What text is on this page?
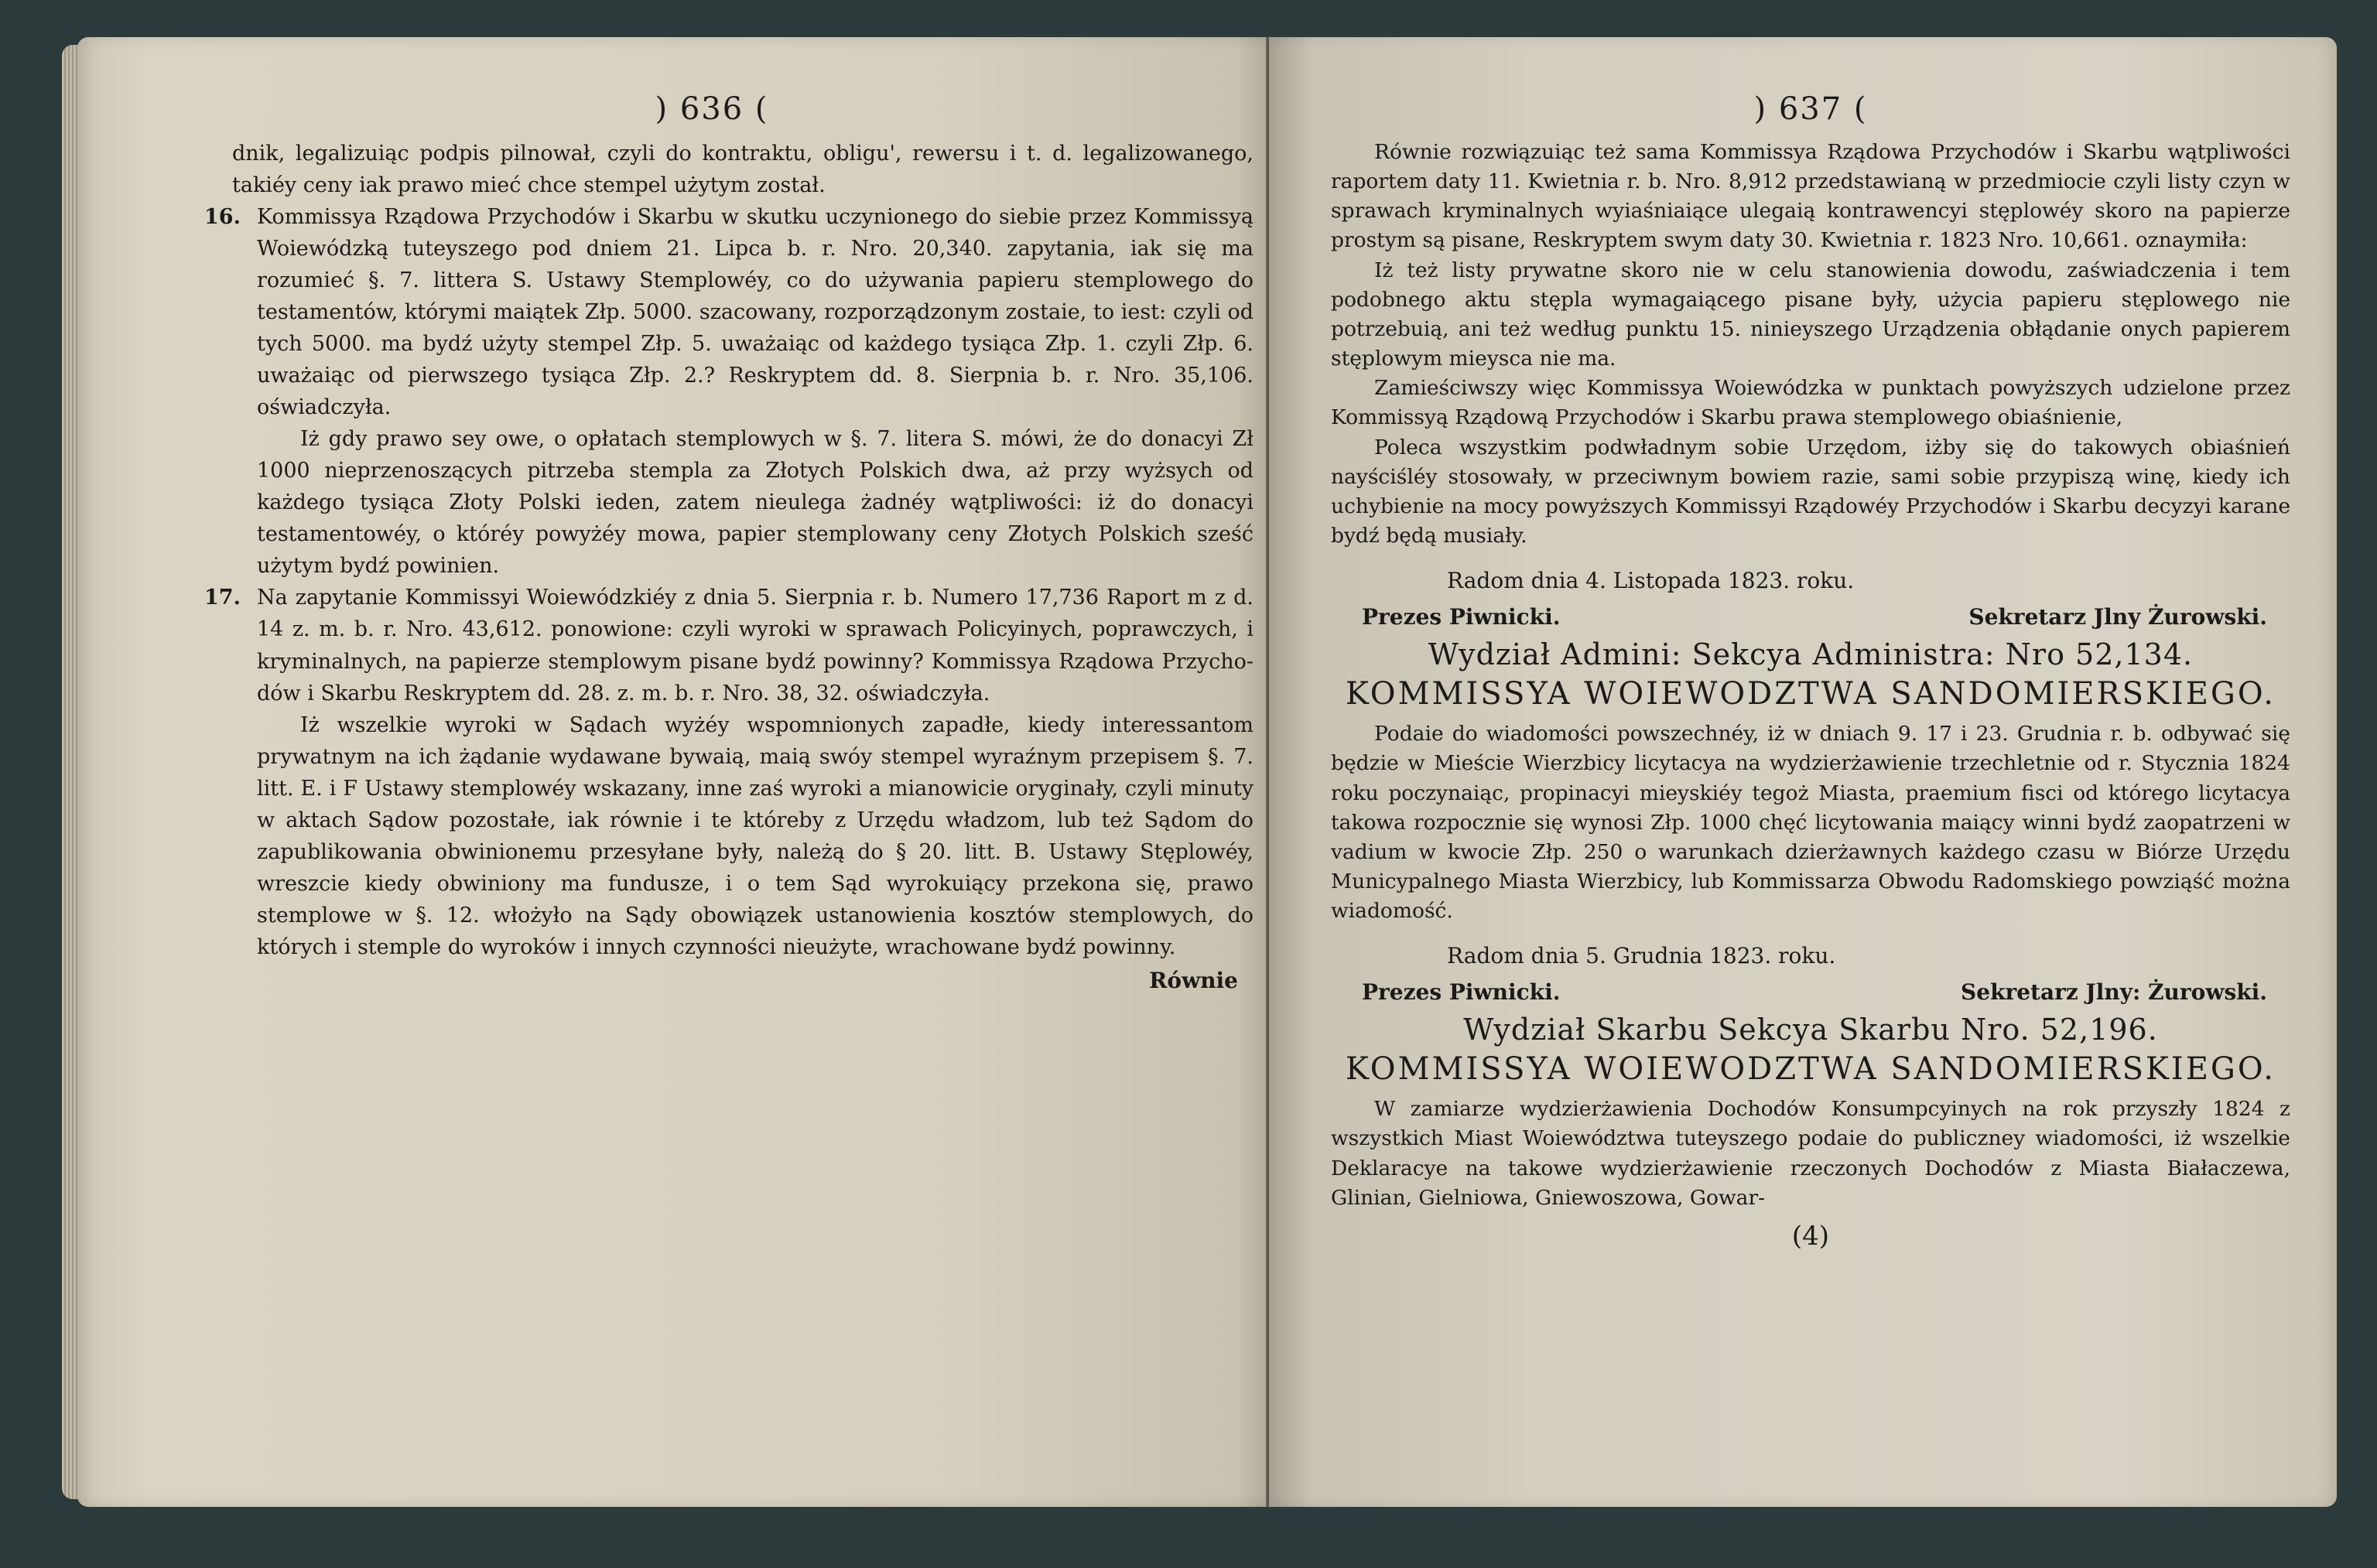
) 636 (

dnik, legalizuiąc podpis pilnował, czyli do kontraktu, obligu', rewersu i t. d. legalizowanego, takiéy ceny iak prawo mieć chce stempel użytym został.

16. Kommissya Rządowa Przychodów i Skarbu w skutku uczynionego do siebie przez Kommissyą Woiewódzką tuteyszego pod dniem 21. Lipca b. r. Nro. 20,340. zapytania, iak się ma rozumieć §. 7. littera S. Ustawy Stemplowéy, co do używania papieru stemplowego do testamentów, którymi maiątek Złp. 5000. szacowany, rozporządzonym zostaie, to iest: czyli od tych 5000. ma bydź użyty stempel Złp. 5. uważaiąc od każdego tysiąca Złp. 1. czyli Złp. 6. uważaiąc od pierwszego tysiąca Złp. 2.? Reskryptem dd. 8. Sierpnia b. r. Nro. 35,106. oświadczyła.

Iż gdy prawo sey owe, o opłatach stemplowych w §. 7. litera S. mówi, że do donacyi Zł 1000 nieprzenoszących pitrzeba stempla za Złotych Polskich dwa, aż przy wyżsych od każdego tysiąca Złoty Polski ieden, zatem nieulega żadnéy wątpliwości: iż do donacyi testamentowéy, o któréy powyżéy mowa, papier stemplowany ceny Złotych Polskich sześć użytym bydź powinien.

17. Na zapytanie Kommissyi Woiewódzkiéy z dnia 5. Sierpnia r. b. Numero 17,736 Raport m z d. 14 z. m. b. r. Nro. 43,612. ponowione: czyli wyroki w sprawach Policyinych, poprawczych, i kryminalnych, na papierze stemplowym pisane bydź powinny? Kommissya Rządowa Przychodów i Skarbu Reskryptem dd. 28. z. m. b. r. Nro. 38, 32. oświadczyła.

Iż wszelkie wyroki w Sądach wyżéy wspomnionych zapadłe, kiedy interessantom prywatnym na ich żądanie wydawane bywaią, maią swóy stempel wyraźnym przepisem §. 7. litt. E. i F Ustawy stemplowéy wskazany, inne zaś wyroki a mianowicie oryginały, czyli minuty w aktach Sądow pozostałe, iak równie i te któreby z Urzędu władzom, lub też Sądom do zapublikowania obwinionemu przesyłane były, należą do § 20. litt. B. Ustawy Stęplowéy, wreszcie kiedy obwiniony ma fundusze, i o tem Sąd wyrokuiący przekona się, prawo stemplowe w §. 12. włożyło na Sądy obowiązek ustanowienia kosztów stemplowych, do których i stemple do wyroków i innych czynności nieużyte, wrachowane bydź powinny.

Równie
) 637 (

Równie rozwiązuiąc też sama Kommissya Rządowa Przychodów i Skarbu wątpliwości raportem daty 11. Kwietnia r. b. Nro. 8,912 przedstawianą w przedmiocie czyli listy czyn w sprawach kryminalnych wyiaśniaiące ulegaią kontrawencyi stęplowéy skoro na papierze prostym są pisane, Reskryptem swym daty 30. Kwietnia r. 1823 Nro. 10,661. oznaymiła:

Iż też listy prywatne skoro nie w celu stanowienia dowodu, zaświadczenia i tem podobnego aktu stępla wymagaiącego pisane były, użycia papieru stęplowego nie potrzebuią, ani też według punktu 15. ninieyszego Urządzenia obłądanie onych papierem stęplowym mieysca nie ma.

Zamieściwszy więc Kommissya Woiewódzka w punktach powyższych udzielone przez Kommissyą Rządową Przychodów i Skarbu prawa stemplowego obiaśnienie,

Poleca wszystkim podwładnym sobie Urzędom, iżby się do takowych obiaśnień nayściśléy stosowały, w przeciwnym bowiem razie, sami sobie przypiszą winę, kiedy ich uchybienie na mocy powyższych Kommissyi Rządowéy Przychodów i Skarbu decyzyi karane bydź będą musiały.

Radom dnia 4. Listopada 1823. roku.
Prezes Piwnicki.	Sekretarz Jlny Żurowski.
Wydział Admini: Sekcya Administra: Nro 52,134.
KOMMISSYA WOIEWODZTWA SANDOMIERSKIEGO.

Podaie do wiadomości powszechnéy, iż w dniach 9. 17 i 23. Grudnia r. b. odbywać się będzie w Mieście Wierzbicy licytacya na wydzierżawienie trzechletnie od r. Stycznia 1824 roku poczynaiąc, propinacyi mieyskiéy tegoż Miasta, praemium fisci od którego licytacya takowa rozpocznie się wynosi Złp. 1000 chęć licytowania maiący winni bydź zaopatrzeni w vadium w kwocie Złp. 250 o warunkach dzierżawnych każdego czasu w Biórze Urzędu Municypalnego Miasta Wierzbicy, lub Kommissarza Obwodu Radomskiego powziąść można wiadomość.

Radom dnia 5. Grudnia 1823. roku.
Prezes Piwnicki.	Sekretarz Jlny: Żurowski.
Wydział Skarbu Sekcya Skarbu Nro. 52,196.
KOMMISSYA WOIEWODZTWA SANDOMIERSKIEGO.

W zamiarze wydzierżawienia Dochodów Konsumpcyinych na rok przyszły 1824 z wszystkich Miast Woiewództwa tuteyszego podaie do publiczney wiadomości, iż wszelkie Deklaracye na takowe wydzierżawienie rzeczonych Dochodów z Miasta Białaczewa, Glinian, Gielniowa, Gniewoszowa, Gowar-

(4)
